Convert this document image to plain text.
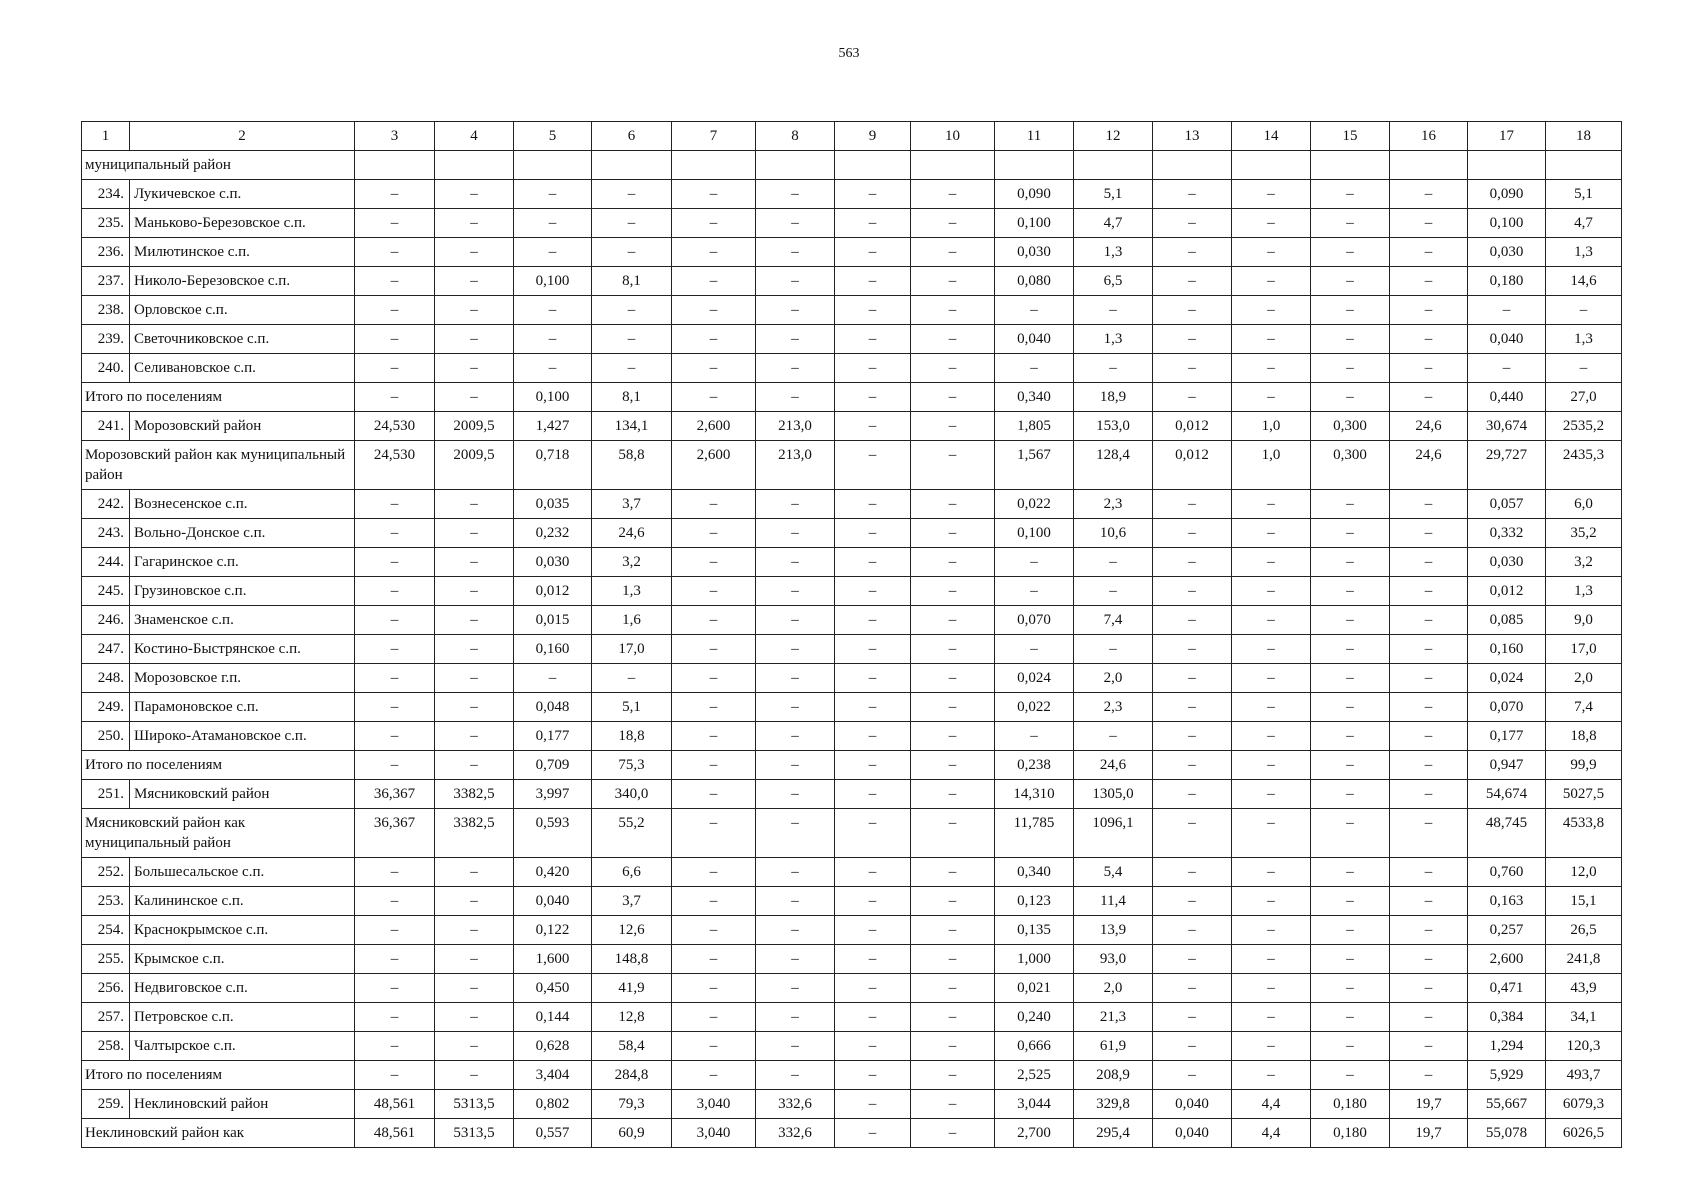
563
1	2	3	4	5	6	7	8	9	10	11	12	13	14	15	16	17	18
муниципальный район																	
234.	Лукичевское с.п.	–	–	–	–	–	–	–	–	0,090	5,1	–	–	–	–	0,090	5,1
235.	Маньково-Березовское с.п.	–	–	–	–	–	–	–	–	0,100	4,7	–	–	–	–	0,100	4,7
236.	Милютинское с.п.	–	–	–	–	–	–	–	–	0,030	1,3	–	–	–	–	0,030	1,3
237.	Николо-Березовское с.п.	–	–	0,100	8,1	–	–	–	–	0,080	6,5	–	–	–	–	0,180	14,6
238.	Орловское с.п.	–	–	–	–	–	–	–	–	–	–	–	–	–	–	–	–
239.	Светочниковское с.п.	–	–	–	–	–	–	–	–	0,040	1,3	–	–	–	–	0,040	1,3
240.	Селивановское с.п.	–	–	–	–	–	–	–	–	–	–	–	–	–	–	–	–
Итого по поселениям		–	–	0,100	8,1	–	–	–	–	0,340	18,9	–	–	–	–	0,440	27,0
241.	Морозовский район	24,530	2009,5	1,427	134,1	2,600	213,0	–	–	1,805	153,0	0,012	1,0	0,300	24,6	30,674	2535,2
Морозовский район как муниципальный район		24,530	2009,5	0,718	58,8	2,600	213,0	–	–	1,567	128,4	0,012	1,0	0,300	24,6	29,727	2435,3
242.	Вознесенское с.п.	–	–	0,035	3,7	–	–	–	–	0,022	2,3	–	–	–	–	0,057	6,0
243.	Вольно-Донское с.п.	–	–	0,232	24,6	–	–	–	–	0,100	10,6	–	–	–	–	0,332	35,2
244.	Гагаринское с.п.	–	–	0,030	3,2	–	–	–	–	–	–	–	–	–	–	0,030	3,2
245.	Грузиновское с.п.	–	–	0,012	1,3	–	–	–	–	–	–	–	–	–	–	0,012	1,3
246.	Знаменское с.п.	–	–	0,015	1,6	–	–	–	–	0,070	7,4	–	–	–	–	0,085	9,0
247.	Костино-Быстрянское с.п.	–	–	0,160	17,0	–	–	–	–	–	–	–	–	–	–	0,160	17,0
248.	Морозовское г.п.	–	–	–	–	–	–	–	–	0,024	2,0	–	–	–	–	0,024	2,0
249.	Парамоновское с.п.	–	–	0,048	5,1	–	–	–	–	0,022	2,3	–	–	–	–	0,070	7,4
250.	Широко-Атамановское с.п.	–	–	0,177	18,8	–	–	–	–	–	–	–	–	–	–	0,177	18,8
Итого по поселениям		–	–	0,709	75,3	–	–	–	–	0,238	24,6	–	–	–	–	0,947	99,9
251.	Мясниковский район	36,367	3382,5	3,997	340,0	–	–	–	–	14,310	1305,0	–	–	–	–	54,674	5027,5
Мясниковский район как муниципальный район		36,367	3382,5	0,593	55,2	–	–	–	–	11,785	1096,1	–	–	–	–	48,745	4533,8
252.	Большесальское с.п.	–	–	0,420	6,6	–	–	–	–	0,340	5,4	–	–	–	–	0,760	12,0
253.	Калининское с.п.	–	–	0,040	3,7	–	–	–	–	0,123	11,4	–	–	–	–	0,163	15,1
254.	Краснокрымское с.п.	–	–	0,122	12,6	–	–	–	–	0,135	13,9	–	–	–	–	0,257	26,5
255.	Крымское с.п.	–	–	1,600	148,8	–	–	–	–	1,000	93,0	–	–	–	–	2,600	241,8
256.	Недвиговское с.п.	–	–	0,450	41,9	–	–	–	–	0,021	2,0	–	–	–	–	0,471	43,9
257.	Петровское с.п.	–	–	0,144	12,8	–	–	–	–	0,240	21,3	–	–	–	–	0,384	34,1
258.	Чалтырское с.п.	–	–	0,628	58,4	–	–	–	–	0,666	61,9	–	–	–	–	1,294	120,3
Итого по поселениям		–	–	3,404	284,8	–	–	–	–	2,525	208,9	–	–	–	–	5,929	493,7
259.	Неклиновский район	48,561	5313,5	0,802	79,3	3,040	332,6	–	–	3,044	329,8	0,040	4,4	0,180	19,7	55,667	6079,3
Неклиновский район как		48,561	5313,5	0,557	60,9	3,040	332,6	–	–	2,700	295,4	0,040	4,4	0,180	19,7	55,078	6026,5
